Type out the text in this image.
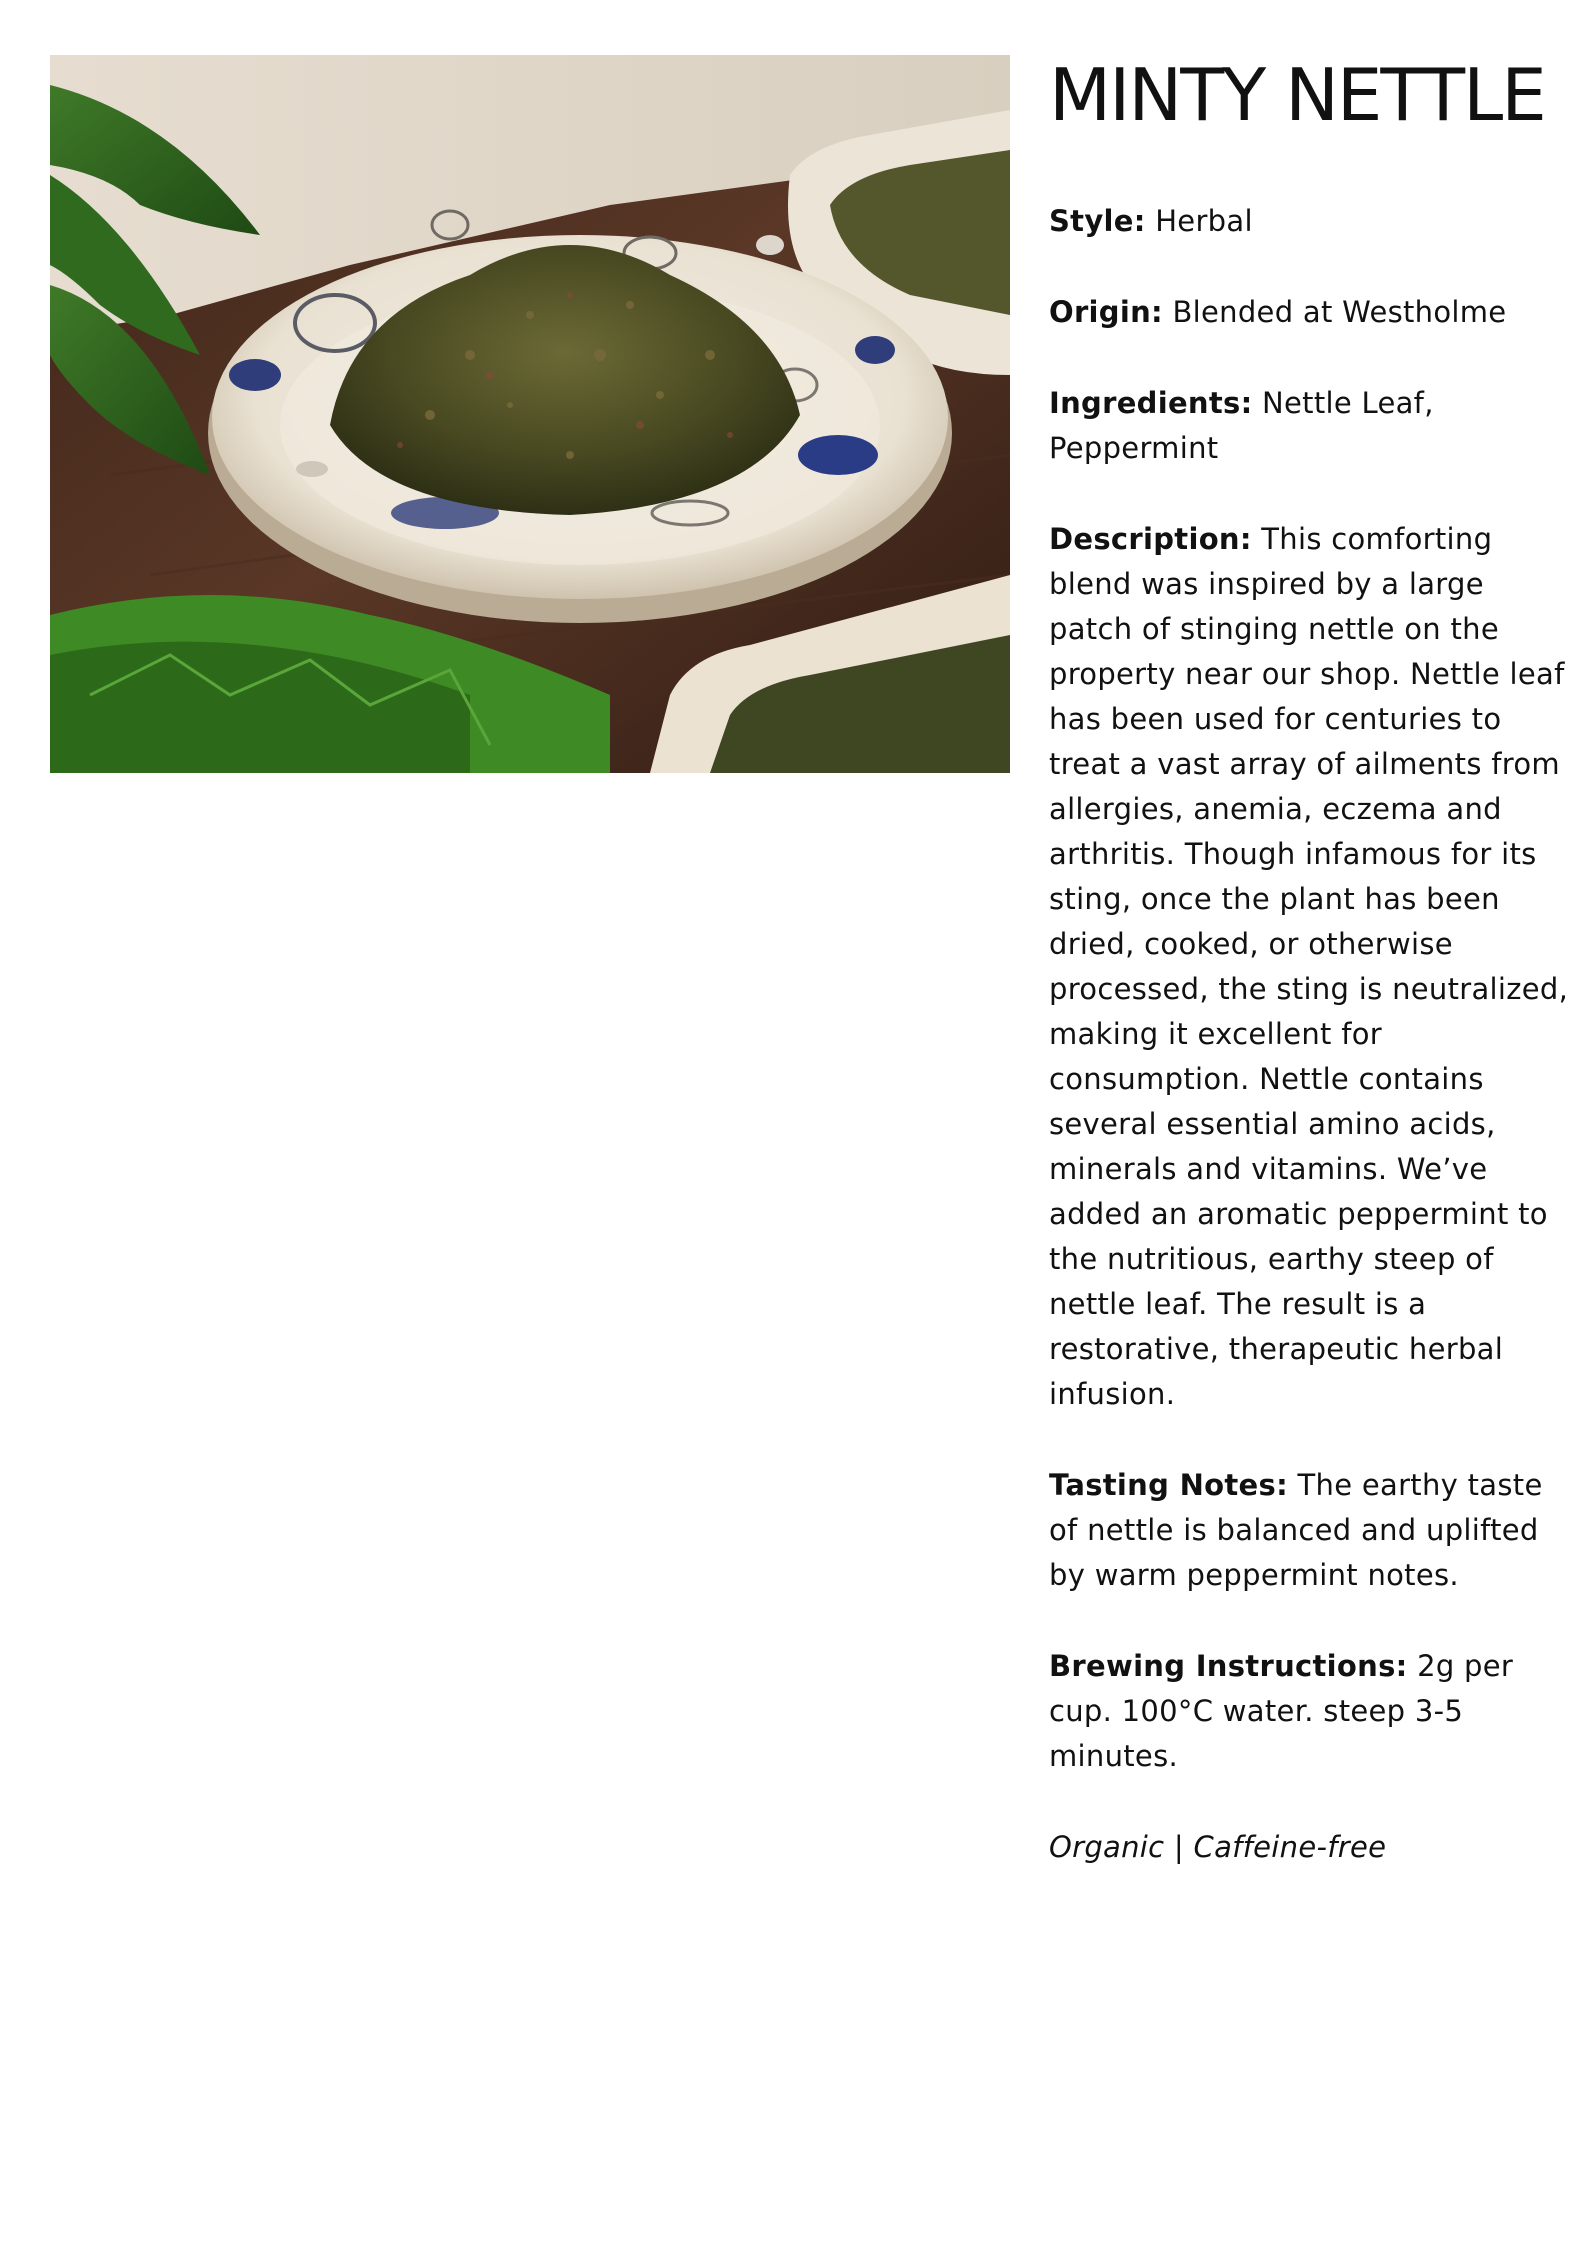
MINTY NETTLE

Style: Herbal

Origin: Blended at Westholme

Ingredients: Nettle Leaf, Peppermint

Description: This comforting blend was inspired by a large patch of stinging nettle on the property near our shop. Nettle leaf has been used for centuries to treat a vast array of ailments from allergies, anemia, eczema and arthritis. Though infamous for its sting, once the plant has been dried, cooked, or otherwise processed, the sting is neutralized, making it excellent for consumption. Nettle contains several essential amino acids, minerals and vitamins. We’ve added an aromatic peppermint to the nutritious, earthy steep of nettle leaf. The result is a restorative, therapeutic herbal infusion.

Tasting Notes: The earthy taste of nettle is balanced and uplifted by warm peppermint notes.

Brewing Instructions: 2g per cup. 100°C water. steep 3-5 minutes.

Organic | Caffeine-free
